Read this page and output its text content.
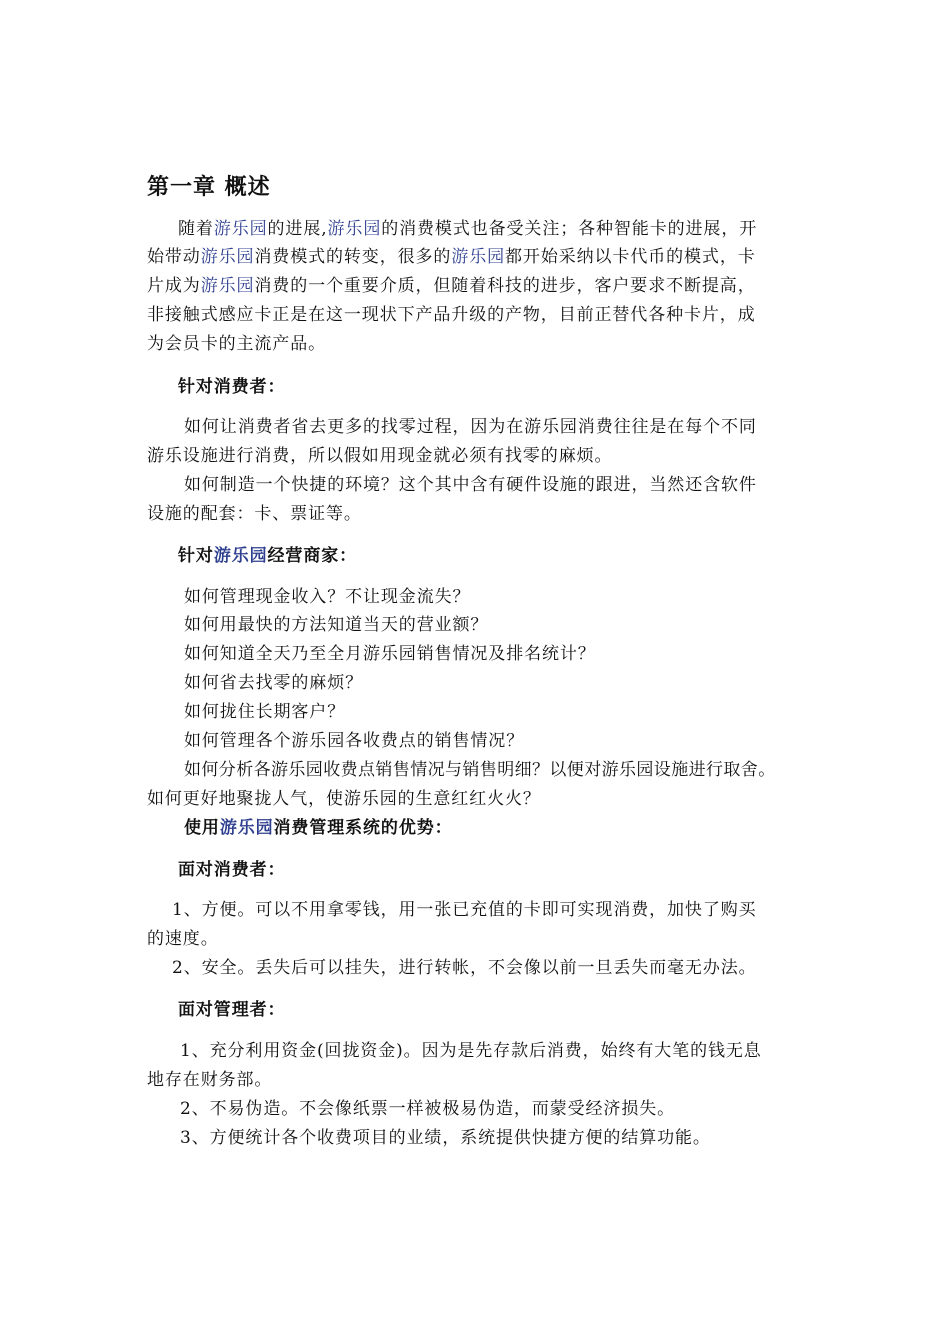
第一章 概述
随着游乐园的进展,游乐园的消费模式也备受关注；各种智能卡的进展，开
始带动游乐园消费模式的转变，很多的游乐园都开始采纳以卡代币的模式，卡
片成为游乐园消费的一个重要介质，但随着科技的进步，客户要求不断提高，
非接触式感应卡正是在这一现状下产品升级的产物，目前正替代各种卡片，成
为会员卡的主流产品。
针对消费者：
如何让消费者省去更多的找零过程，因为在游乐园消费往往是在每个不同
游乐设施进行消费，所以假如用现金就必须有找零的麻烦。
如何制造一个快捷的环境？这个其中含有硬件设施的跟进，当然还含软件
设施的配套：卡、票证等。
针对游乐园经营商家：
如何管理现金收入？不让现金流失？
如何用最快的方法知道当天的营业额？
如何知道全天乃至全月游乐园销售情况及排名统计？
如何省去找零的麻烦？
如何拢住长期客户？
如何管理各个游乐园各收费点的销售情况？
如何分析各游乐园收费点销售情况与销售明细？以便对游乐园设施进行取舍。
如何更好地聚拢人气，使游乐园的生意红红火火？
使用游乐园消费管理系统的优势：
面对消费者：
1、方便。可以不用拿零钱，用一张已充值的卡即可实现消费，加快了购买
的速度。
2、安全。丢失后可以挂失，进行转帐，不会像以前一旦丢失而毫无办法。
面对管理者：
1、充分利用资金(回拢资金)。因为是先存款后消费，始终有大笔的钱无息
地存在财务部。
2、不易伪造。不会像纸票一样被极易伪造，而蒙受经济损失。
3、方便统计各个收费项目的业绩，系统提供快捷方便的结算功能。
